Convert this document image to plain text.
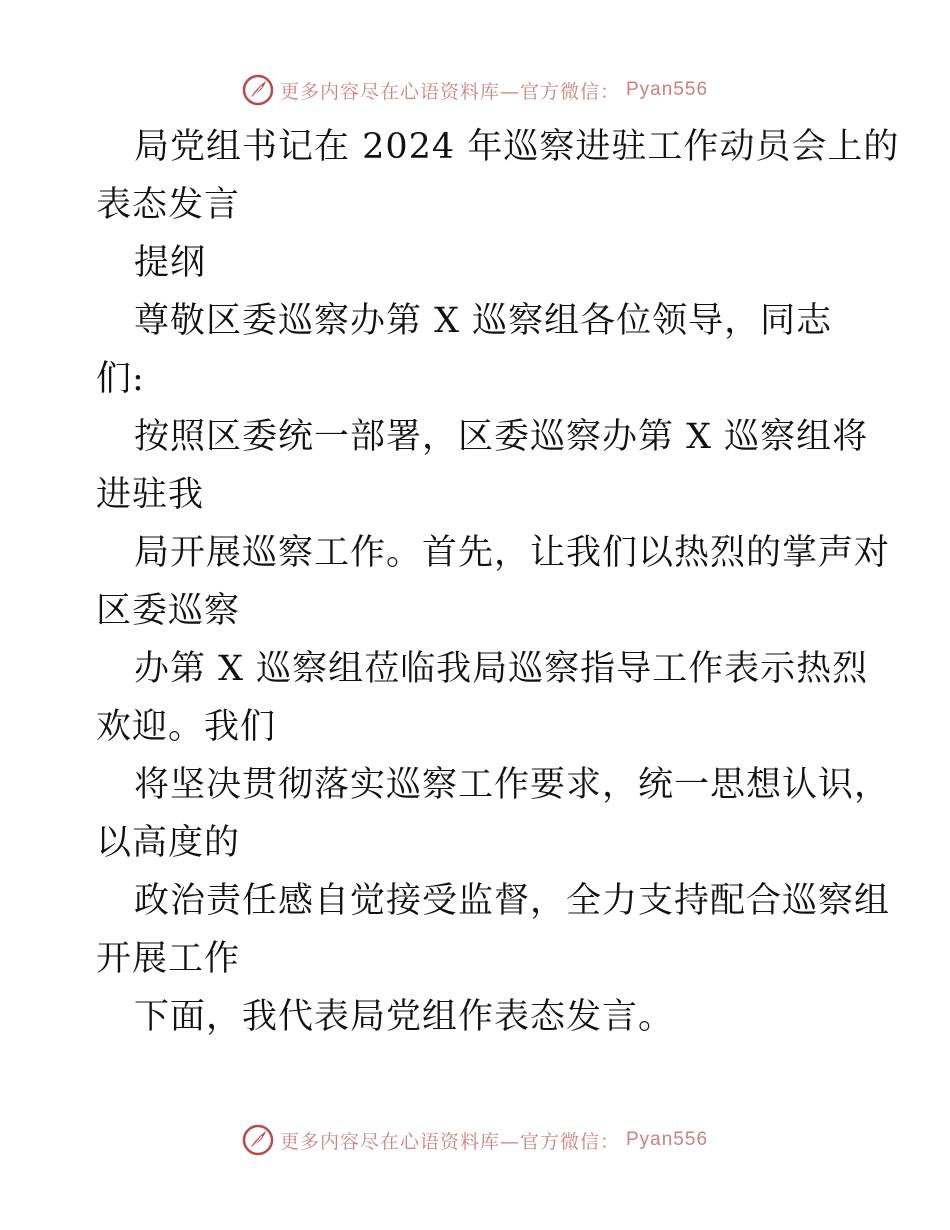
更多内容尽在心语资料库—官方微信： Pyan556
局党组书记在 2024 年巡察进驻工作动员会上的
表态发言
提纲
尊敬区委巡察办第 X 巡察组各位领导，同志
们:
按照区委统一部署，区委巡察办第 X 巡察组将
进驻我
局开展巡察工作。首先，让我们以热烈的掌声对
区委巡察
办第 X 巡察组莅临我局巡察指导工作表示热烈
欢迎。我们
将坚决贯彻落实巡察工作要求，统一思想认识，
以高度的
政治责任感自觉接受监督，全力支持配合巡察组
开展工作
下面，我代表局党组作表态发言。
更多内容尽在心语资料库—官方微信： Pyan556
